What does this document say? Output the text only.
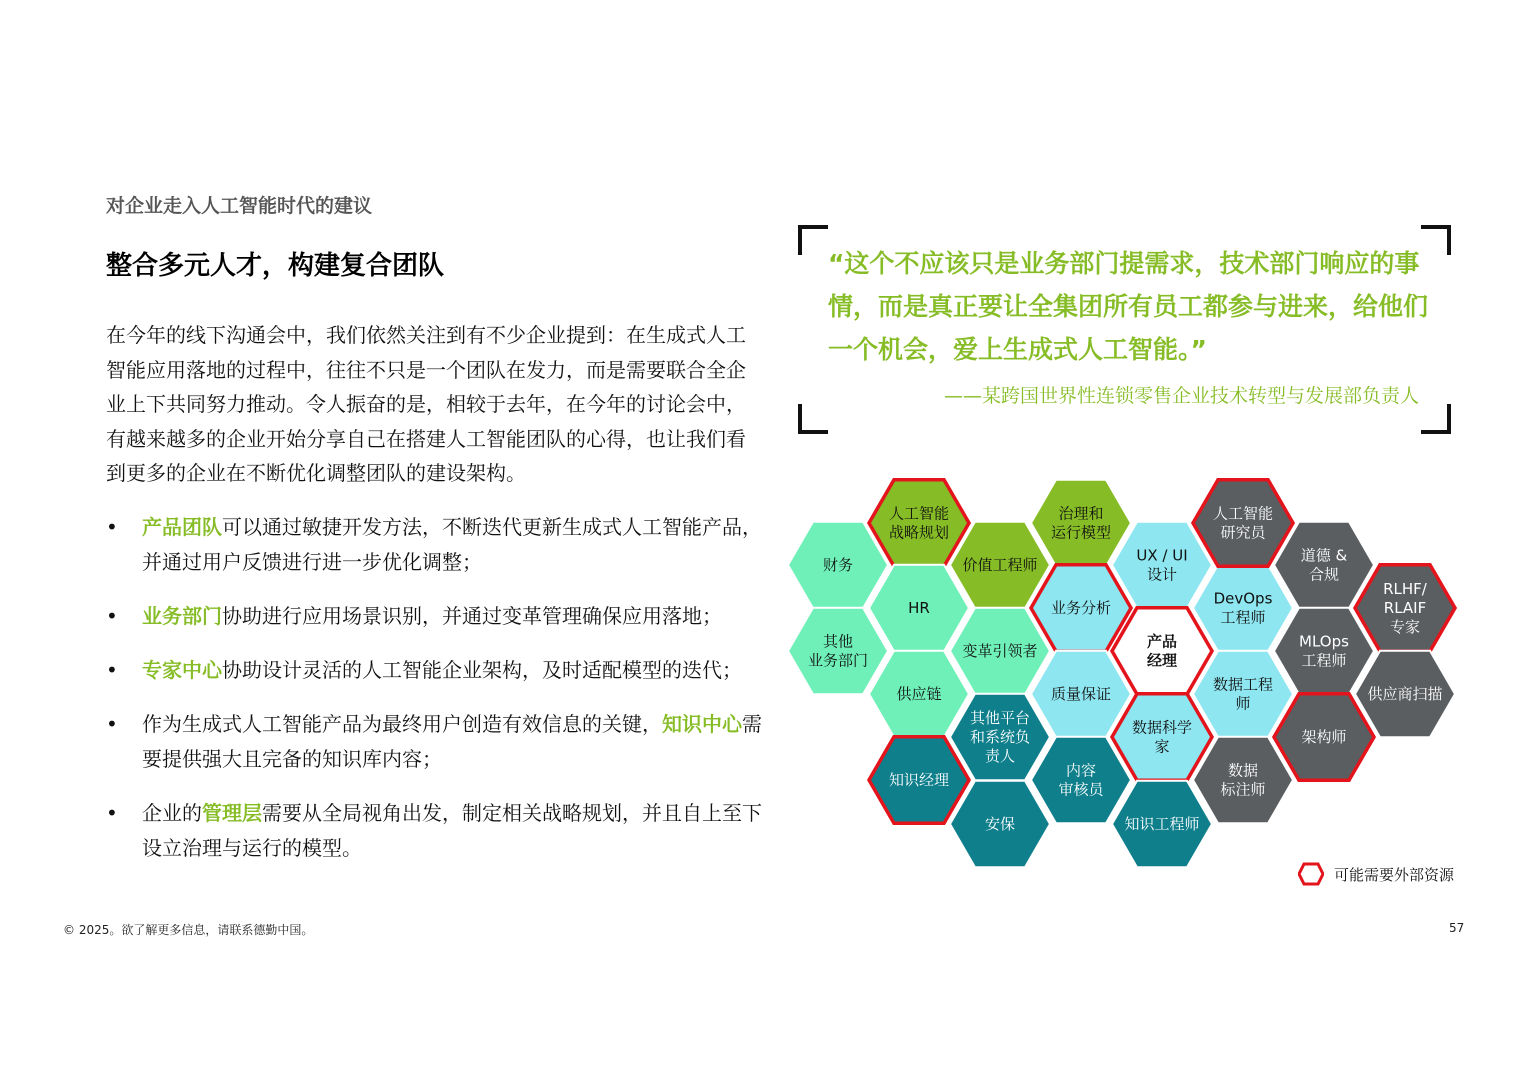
对企业走入人工智能时代的建议
整合多元人才，构建复合团队
在今年的线下沟通会中，我们依然关注到有不少企业提到：在生成式人工智能应用落地的过程中，往往不只是一个团队在发力，而是需要联合全企业上下共同努力推动。令人振奋的是，相较于去年，在今年的讨论会中，有越来越多的企业开始分享自己在搭建人工智能团队的心得，也让我们看到更多的企业在不断优化调整团队的建设架构。
• 产品团队可以通过敏捷开发方法，不断迭代更新生成式人工智能产品，并通过用户反馈进行进一步优化调整；
• 业务部门协助进行应用场景识别，并通过变革管理确保应用落地；
• 专家中心协助设计灵活的人工智能企业架构，及时适配模型的迭代；
• 作为生成式人工智能产品为最终用户创造有效信息的关键，知识中心需要提供强大且完备的知识库内容；
• 企业的管理层需要从全局视角出发，制定相关战略规划，并且自上至下设立治理与运行的模型。
“这个不应该只是业务部门提需求，技术部门响应的事情，而是真正要让全集团所有员工都参与进来，给他们一个机会，爱上生成式人工智能。”
——某跨国世界性连锁零售企业技术转型与发展部负责人
人工智能战略规划
财务
HR
其他业务部门
供应链
价值工程师
治理和运行模型
变革引领者
业务分析
UX / UI 设计
产品经理
质量保证
其他平台和系统负责人
数据科学家
DevOps 工程师
数据工程师
知识经理
内容审核员
安保	知识工程师
人工智能研究员
道德 &合规
RLHF/ RLAIF 专家
MLOps 工程师
供应商扫描
架构师
数据标注师
可能需要外部资源
© 2025。欲了解更多信息，请联系德勤中国。	57
